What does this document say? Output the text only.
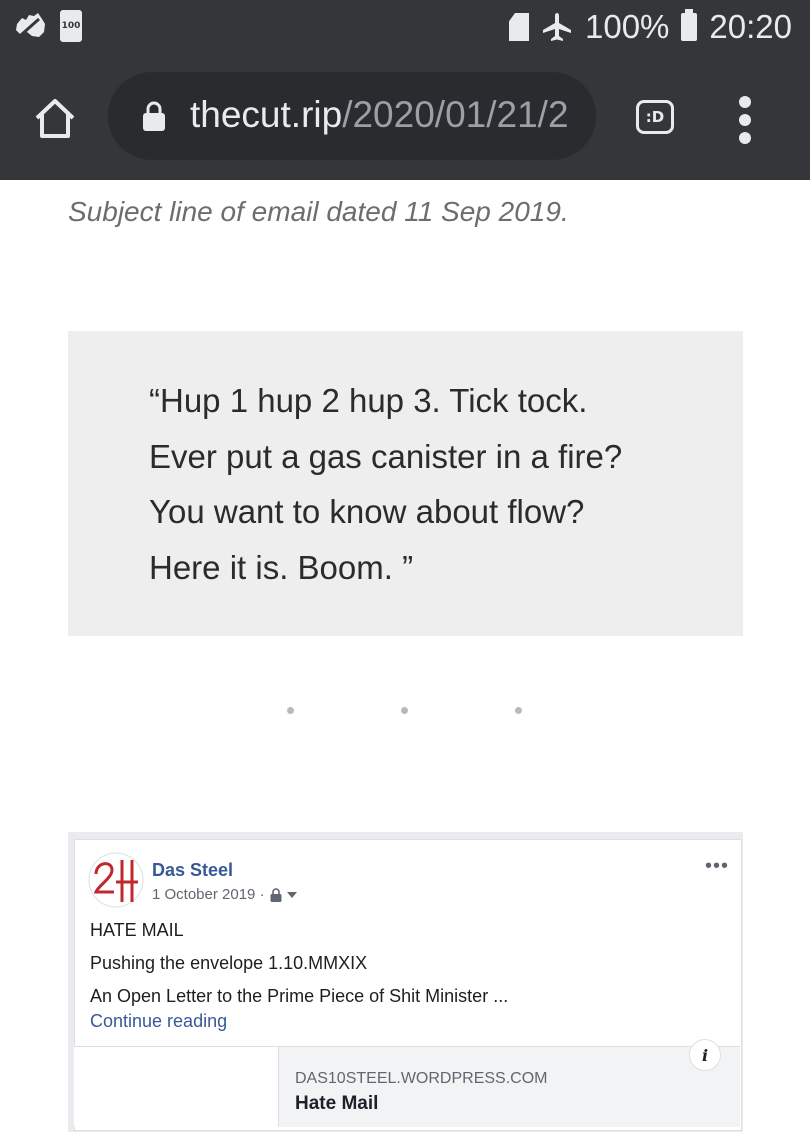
100	100% 20:20
thecut.rip/2020/01/21/2	:D
Subject line of email dated 11 Sep 2019.
“Hup 1 hup 2 hup 3. Tick tock.
Ever put a gas canister in a fire?
You want to know about flow?
Here it is. Boom. ”
Das Steel
1 October 2019 ·
•••
HATE MAIL
Pushing the envelope 1.10.MMXIX
An Open Letter to the Prime Piece of Shit Minister ...
Continue reading
DAS10STEEL.WORDPRESS.COM
Hate Mail
i
